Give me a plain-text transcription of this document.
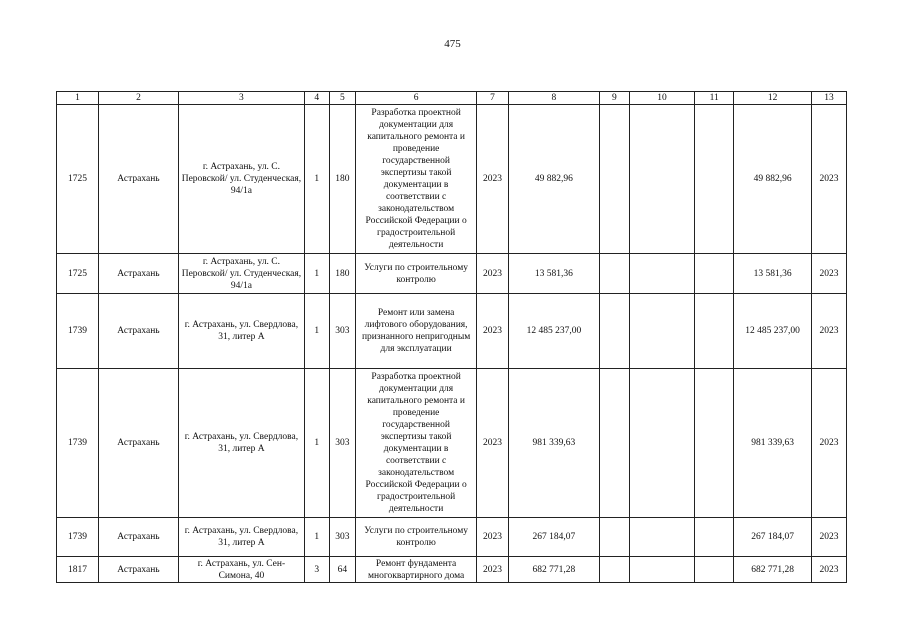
475
1	2	3	4	5	6	7	8	9	10	11	12	13
1725	Астрахань	г. Астрахань, ул. С. Перовской/ ул. Студенческая, 94/1а	1	180	Разработка проектной документации для капитального ремонта и проведение государственной экспертизы такой документации в соответствии с законодательством Российской Федерации о градостроительной деятельности	2023	49 882,96				49 882,96	2023
1725	Астрахань	г. Астрахань, ул. С. Перовской/ ул. Студенческая, 94/1а	1	180	Услуги по строительному контролю	2023	13 581,36				13 581,36	2023
1739	Астрахань	г. Астрахань, ул. Свердлова, 31, литер А	1	303	Ремонт или замена лифтового оборудования, признанного непригодным для эксплуатации	2023	12 485 237,00				12 485 237,00	2023
1739	Астрахань	г. Астрахань, ул. Свердлова, 31, литер А	1	303	Разработка проектной документации для капитального ремонта и проведение государственной экспертизы такой документации в соответствии с законодательством Российской Федерации о градостроительной деятельности	2023	981 339,63				981 339,63	2023
1739	Астрахань	г. Астрахань, ул. Свердлова, 31, литер А	1	303	Услуги по строительному контролю	2023	267 184,07				267 184,07	2023
1817	Астрахань	г. Астрахань, ул. Сен-Симона, 40	3	64	Ремонт фундамента многоквартирного дома	2023	682 771,28				682 771,28	2023
